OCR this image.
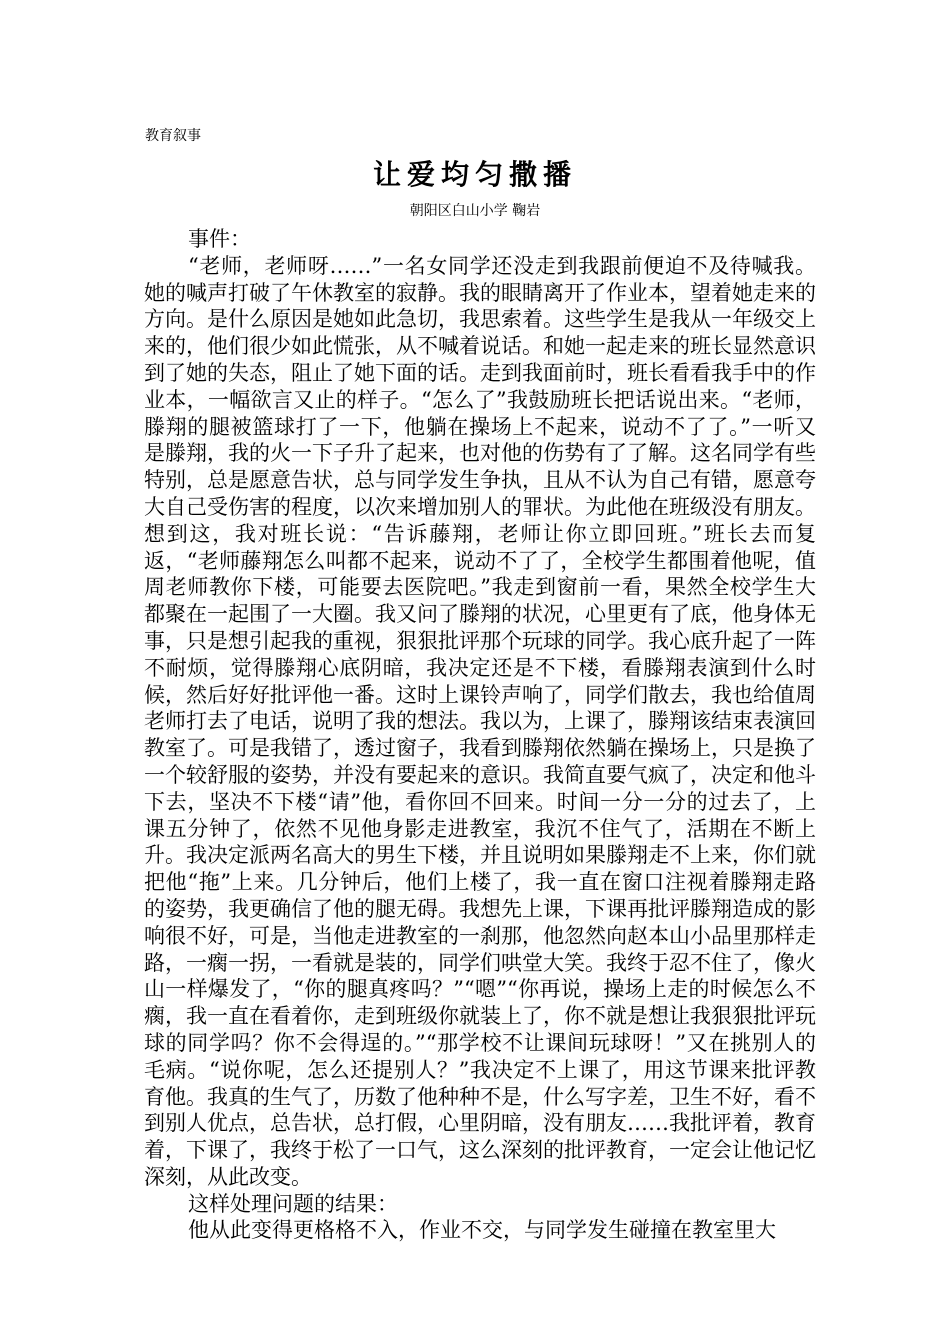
教育叙事
让爱均匀撒播
朝阳区白山小学 鞠岩

事件：

“老师，老师呀……”一名女同学还没走到我跟前便迫不及待喊我。她的喊声打破了午休教室的寂静。我的眼睛离开了作业本，望着她走来的方向。是什么原因是她如此急切，我思索着。这些学生是我从一年级交上来的，他们很少如此慌张，从不喊着说话。和她一起走来的班长显然意识到了她的失态，阻止了她下面的话。走到我面前时，班长看看我手中的作业本，一幅欲言又止的样子。“怎么了”我鼓励班长把话说出来。“老师，滕翔的腿被篮球打了一下，他躺在操场上不起来，说动不了了。”一听又是滕翔，我的火一下子升了起来，也对他的伤势有了了解。这名同学有些特别，总是愿意告状，总与同学发生争执，且从不认为自己有错，愿意夸大自己受伤害的程度，以次来增加别人的罪状。为此他在班级没有朋友。想到这，我对班长说：“告诉藤翔，老师让你立即回班。”班长去而复返，“老师藤翔怎么叫都不起来，说动不了了，全校学生都围着他呢，值周老师教你下楼，可能要去医院吧。”我走到窗前一看，果然全校学生大都聚在一起围了一大圈。我又问了滕翔的状况，心里更有了底，他身体无事，只是想引起我的重视，狠狠批评那个玩球的同学。我心底升起了一阵不耐烦，觉得滕翔心底阴暗，我决定还是不下楼，看滕翔表演到什么时候，然后好好批评他一番。这时上课铃声响了，同学们散去，我也给值周老师打去了电话，说明了我的想法。我以为，上课了，滕翔该结束表演回教室了。可是我错了，透过窗子，我看到滕翔依然躺在操场上，只是换了一个较舒服的姿势，并没有要起来的意识。我简直要气疯了，决定和他斗下去，坚决不下楼“请”他，看你回不回来。时间一分一分的过去了，上课五分钟了，依然不见他身影走进教室，我沉不住气了，活期在不断上升。我决定派两名高大的男生下楼，并且说明如果滕翔走不上来，你们就把他“拖”上来。几分钟后，他们上楼了，我一直在窗口注视着滕翔走路的姿势，我更确信了他的腿无碍。我想先上课，下课再批评滕翔造成的影响很不好，可是，当他走进教室的一刹那，他忽然向赵本山小品里那样走路，一瘸一拐，一看就是装的，同学们哄堂大笑。我终于忍不住了，像火山一样爆发了，“你的腿真疼吗？”“嗯”“你再说，操场上走的时候怎么不瘸，我一直在看着你，走到班级你就装上了，你不就是想让我狠狠批评玩球的同学吗？你不会得逞的。”“那学校不让课间玩球呀！”又在挑别人的毛病。“说你呢，怎么还提别人？”我决定不上课了，用这节课来批评教育他。我真的生气了，历数了他种种不是，什么写字差，卫生不好，看不到别人优点，总告状，总打假，心里阴暗，没有朋友……我批评着，教育着，下课了，我终于松了一口气，这么深刻的批评教育，一定会让他记忆深刻，从此改变。

这样处理问题的结果：

他从此变得更格格不入，作业不交，与同学发生碰撞在教室里大
